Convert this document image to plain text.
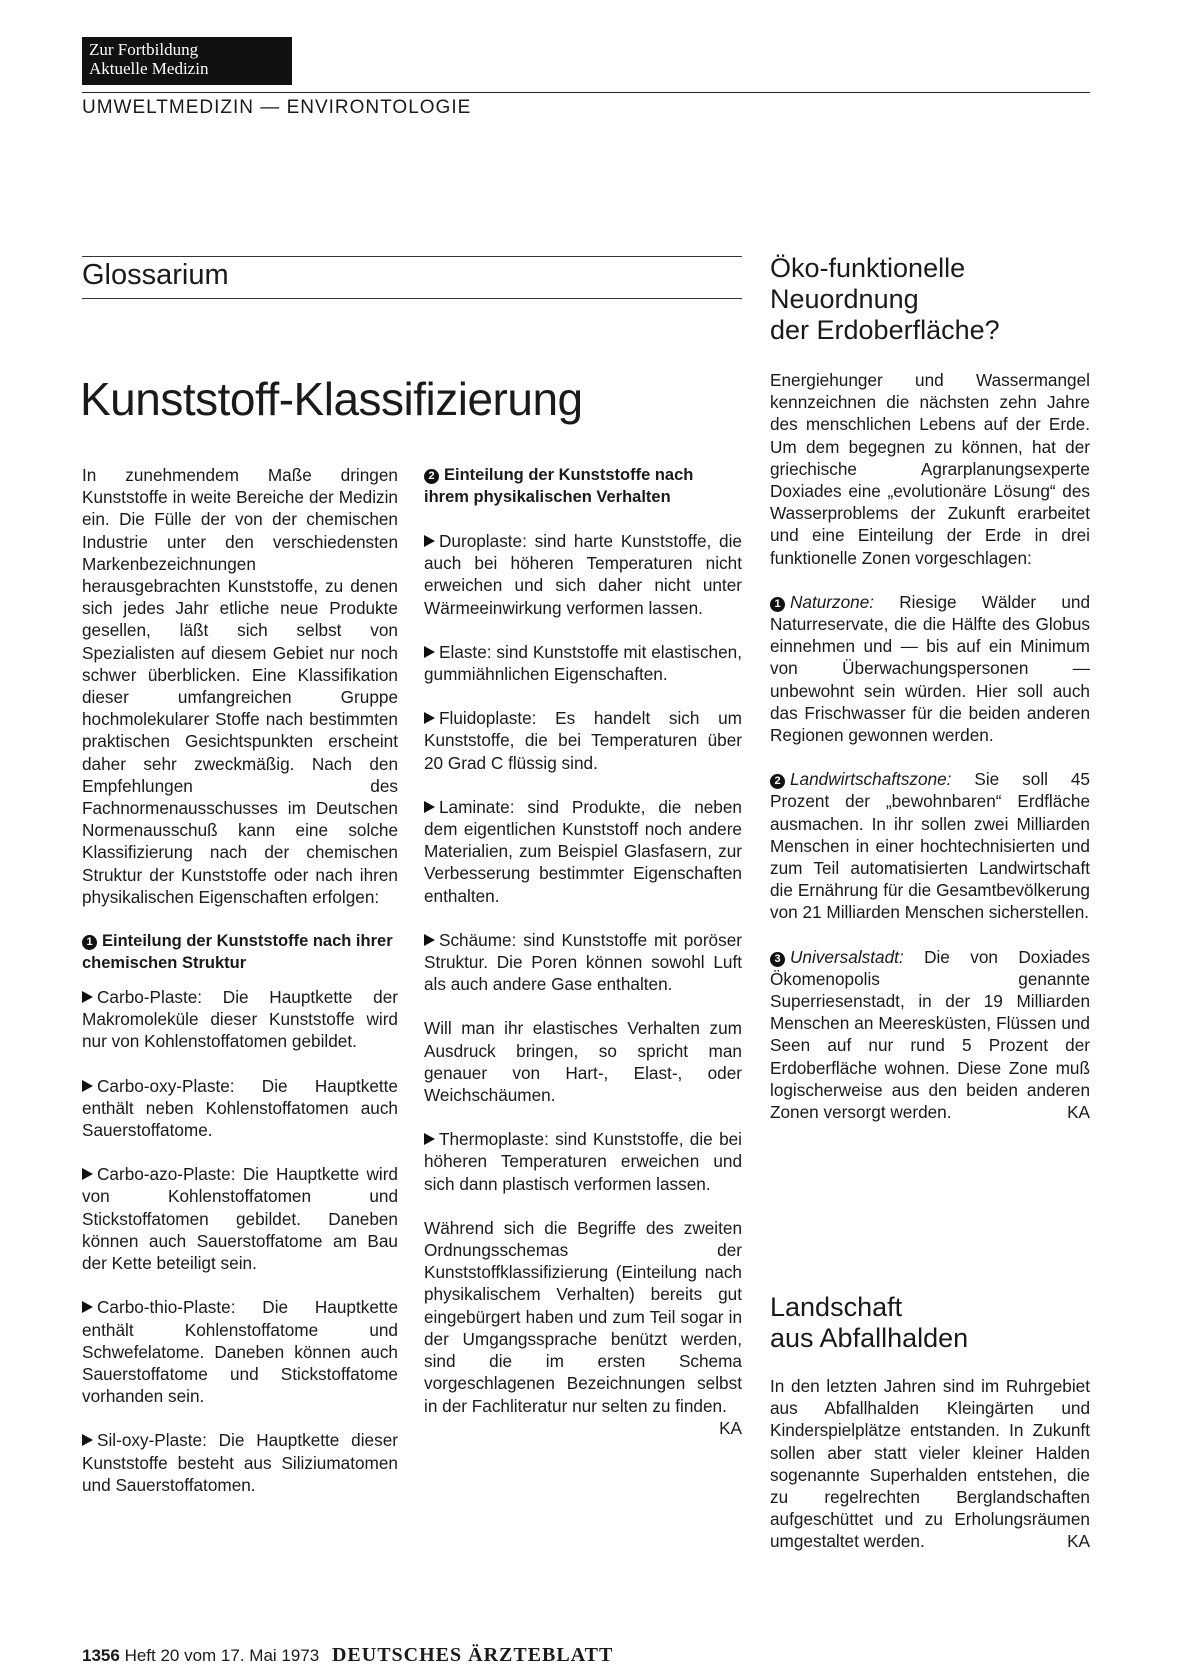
Zur Fortbildung
Aktuelle Medizin
UMWELTMEDIZIN — ENVIRONTOLOGIE
Glossarium
Kunststoff-Klassifizierung

In zunehmendem Maße dringen Kunststoffe in weite Bereiche der Medizin ein. Die Fülle der von der chemischen Industrie unter den verschiedensten Markenbezeichnungen herausgebrachten Kunststoffe, zu denen sich jedes Jahr etliche neue Produkte gesellen, läßt sich selbst von Spezialisten auf diesem Gebiet nur noch schwer überblicken. Eine Klassifikation dieser umfangreichen Gruppe hochmolekularer Stoffe nach bestimmten praktischen Gesichtspunkten erscheint daher sehr zweckmäßig. Nach den Empfehlungen des Fachnormenausschusses im Deutschen Normenausschuß kann eine solche Klassifizierung nach der chemischen Struktur der Kunststoffe oder nach ihren physikalischen Eigenschaften erfolgen:

1 Einteilung der Kunststoffe nach ihrer chemischen Struktur

Carbo-Plaste: Die Hauptkette der Makromoleküle dieser Kunststoffe wird nur von Kohlenstoffatomen gebildet.

Carbo-oxy-Plaste: Die Hauptkette enthält neben Kohlenstoffatomen auch Sauerstoffatome.

Carbo-azo-Plaste: Die Hauptkette wird von Kohlenstoffatomen und Stickstoffatomen gebildet. Daneben können auch Sauerstoffatome am Bau der Kette beteiligt sein.

Carbo-thio-Plaste: Die Hauptkette enthält Kohlenstoffatome und Schwefelatome. Daneben können auch Sauerstoffatome und Stickstoffatome vorhanden sein.

Sil-oxy-Plaste: Die Hauptkette dieser Kunststoffe besteht aus Siliziumatomen und Sauerstoffatomen.

2 Einteilung der Kunststoffe nach ihrem physikalischen Verhalten

Duroplaste: sind harte Kunststoffe, die auch bei höheren Temperaturen nicht erweichen und sich daher nicht unter Wärmeeinwirkung verformen lassen.

Elaste: sind Kunststoffe mit elastischen, gummiähnlichen Eigenschaften.

Fluidoplaste: Es handelt sich um Kunststoffe, die bei Temperaturen über 20 Grad C flüssig sind.

Laminate: sind Produkte, die neben dem eigentlichen Kunststoff noch andere Materialien, zum Beispiel Glasfasern, zur Verbesserung bestimmter Eigenschaften enthalten.

Schäume: sind Kunststoffe mit poröser Struktur. Die Poren können sowohl Luft als auch andere Gase enthalten.

Will man ihr elastisches Verhalten zum Ausdruck bringen, so spricht man genauer von Hart-, Elast-, oder Weichschäumen.

Thermoplaste: sind Kunststoffe, die bei höheren Temperaturen erweichen und sich dann plastisch verformen lassen.

Während sich die Begriffe des zweiten Ordnungsschemas der Kunststoffklassifizierung (Einteilung nach physikalischem Verhalten) bereits gut eingebürgert haben und zum Teil sogar in der Umgangssprache benützt werden, sind die im ersten Schema vorgeschlagenen Bezeichnungen selbst in der Fachliteratur nur selten zu finden.
KA

Öko-funktionelle
Neuordnung
der Erdoberfläche?

Energiehunger und Wassermangel kennzeichnen die nächsten zehn Jahre des menschlichen Lebens auf der Erde. Um dem begegnen zu können, hat der griechische Agrarplanungsexperte Doxiades eine „evolutionäre Lösung“ des Wasserproblems der Zukunft erarbeitet und eine Einteilung der Erde in drei funktionelle Zonen vorgeschlagen:

1 Naturzone: Riesige Wälder und Naturreservate, die die Hälfte des Globus einnehmen und — bis auf ein Minimum von Überwachungspersonen — unbewohnt sein würden. Hier soll auch das Frischwasser für die beiden anderen Regionen gewonnen werden.

2 Landwirtschaftszone: Sie soll 45 Prozent der „bewohnbaren“ Erdfläche ausmachen. In ihr sollen zwei Milliarden Menschen in einer hochtechnisierten und zum Teil automatisierten Landwirtschaft die Ernährung für die Gesamtbevölkerung von 21 Milliarden Menschen sicherstellen.

3 Universalstadt: Die von Doxiades Ökomenopolis genannte Superriesenstadt, in der 19 Milliarden Menschen an Meeresküsten, Flüssen und Seen auf nur rund 5 Prozent der Erdoberfläche wohnen. Diese Zone muß logischerweise aus den beiden anderen Zonen versorgt werden.	KA

Landschaft
aus Abfallhalden

In den letzten Jahren sind im Ruhrgebiet aus Abfallhalden Kleingärten und Kinderspielplätze entstanden. In Zukunft sollen aber statt vieler kleiner Halden sogenannte Superhalden entstehen, die zu regelrechten Berglandschaften aufgeschüttet und zu Erholungsräumen umgestaltet werden.	KA

1356 Heft 20 vom 17. Mai 1973 DEUTSCHES ÄRZTEBLATT
